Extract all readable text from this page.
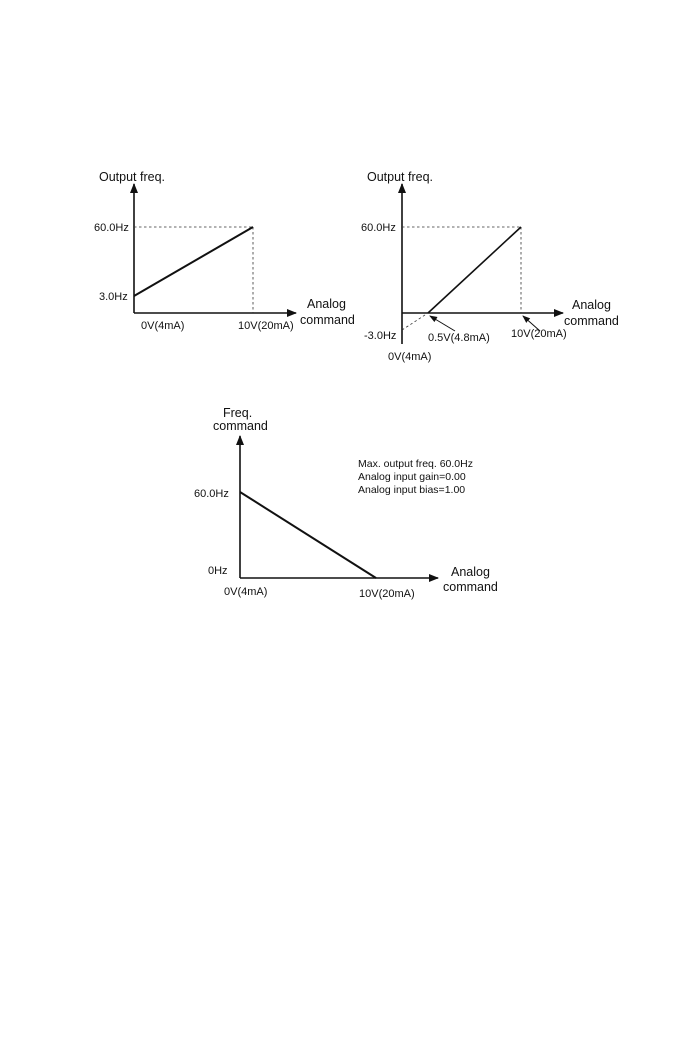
Output freq.
60.0Hz
3.0Hz
0V(4mA)	10V(20mA)
Analog
command
Output freq.
60.0Hz
-3.0Hz	0.5V(4.8mA) 10V(20mA)
0V(4mA)
Analog
command
Freq.
command
60.0Hz
0Hz
0V(4mA)	10V(20mA)
Analog
command
Max. output freq. 60.0Hz
Analog input gain=0.00
Analog input bias=1.00
